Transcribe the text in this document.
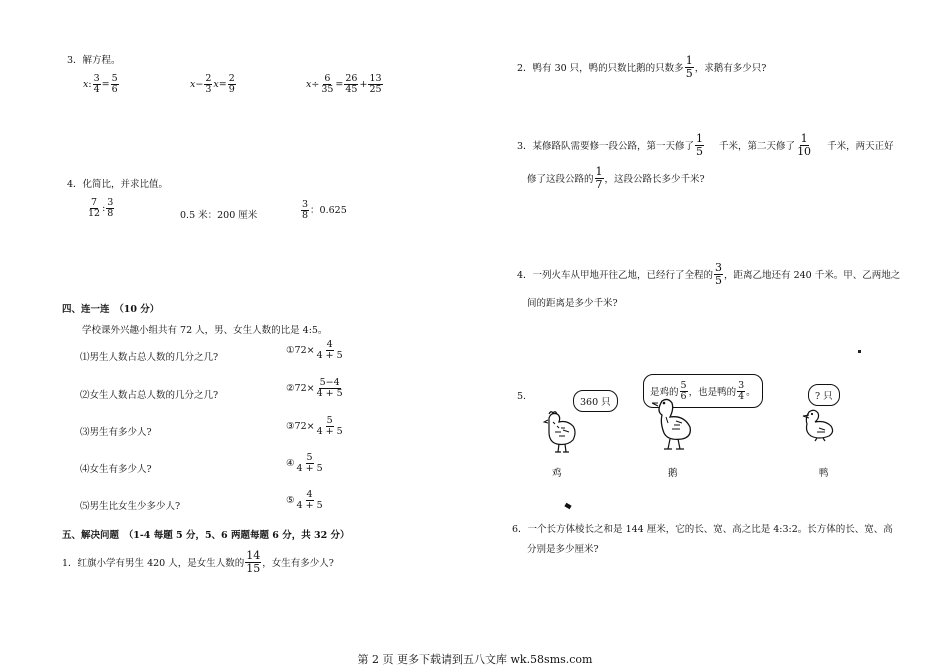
3．解方程。
x: $\frac{3}{4} = \frac{5}{6}$	$x- \frac{2}{3} x= \frac{2}{9}$	$x\div \frac{6}{35} = \frac{26}{45} + \frac{13}{25}$
4．化简比，并求比值。
$\frac{7}{12}$ : $\frac{3}{8}$	0.5 米：200 厘米	$\frac{3}{8}$ ：0.625
四、连一连　（10 分）
学校课外兴趣小组共有 72 人，男、女生人数的比是 4:5。
⑴男生人数占总人数的几分之几?
⑵女生人数占总人数的几分之几?
⑶男生有多少人?
⑷女生有多少人?
⑸男生比女生少多少人?
①72× $\frac{4}{4 + 5}$
②72× $\frac{5-4}{4 + 5}$
③72× $\frac{5}{4 + 5}$
④ $\frac{5}{4 + 5}$
⑤ $\frac{4}{4 + 5}$
五、解决问题　（1-4 每题 5 分，5、6 两题每题 6 分，共 32 分）
1．红旗小学有男生 420 人，是女生人数的 $\frac{14}{15}$ ，女生有多少人?
2．鸭有 30 只，鸭的只数比鹅的只数多 $\frac{1}{5}$ ，求鹅有多少只?
3．某修路队需要修一段公路，第一天修了 $\frac{1}{5}$ 千米，第二天修了 $\frac{1}{10}$ 千米，两天正好
修了这段公路的 $\frac{1}{7}$ ，这段公路长多少千米?
4．一列火车从甲地开往乙地，已经行了全程的 $\frac{3}{5}$ ，距离乙地还有 240 千米。甲、乙两地之
间的距离是多少千米?
5.
360 只
是鸡的 $\frac{5}{6}$ ，也是鸭的 $\frac{3}{4}$ 。	? 只
鸡	鹅	鸭
6．一个长方体棱长之和是 144 厘米，它的长、宽、高之比是 4:3:2。长方体的长、宽、高
分别是多少厘米?
第 2 页 更多下载请到五八文库 wk.58sms.com
